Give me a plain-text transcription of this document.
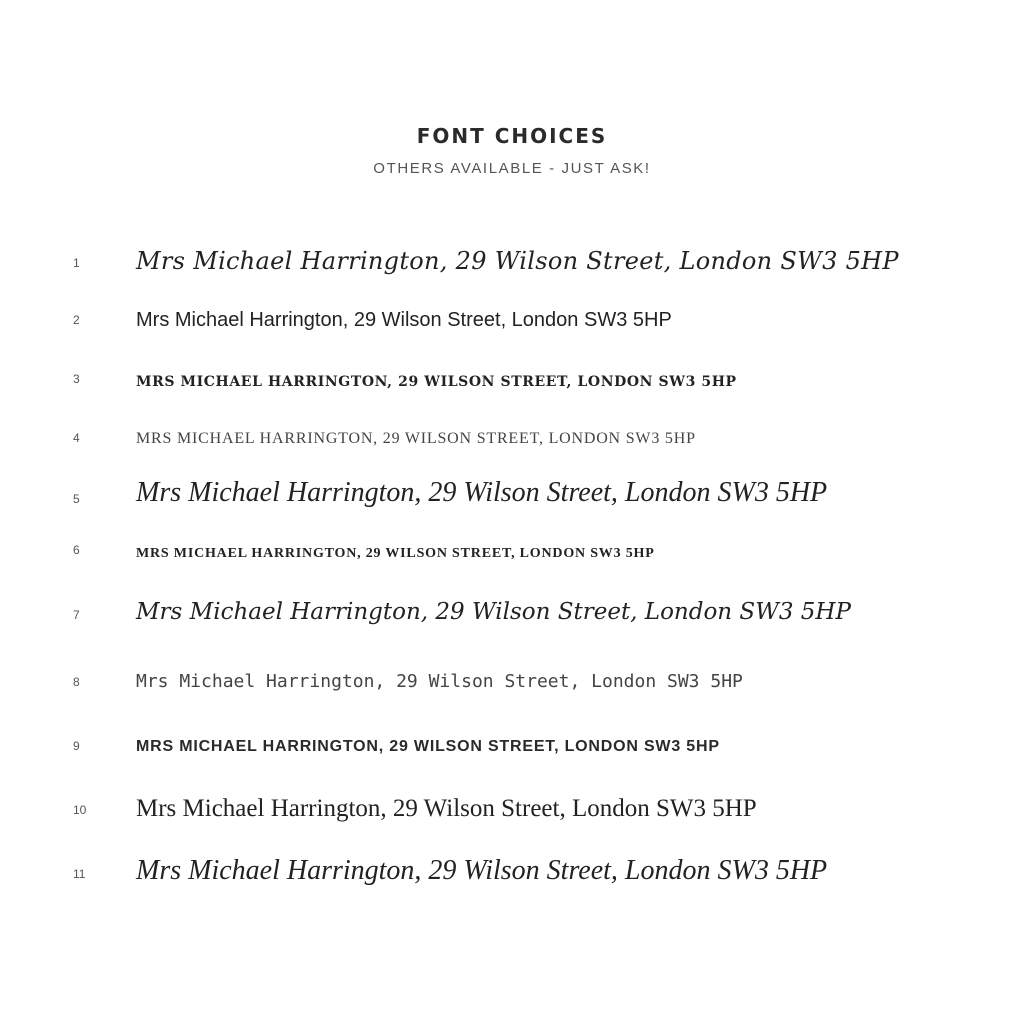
FONT CHOICES
OTHERS AVAILABLE - JUST ASK!
1 Mrs Michael Harrington, 29 Wilson Street, London SW3 5HP
2	Mrs Michael Harrington, 29 Wilson Street, London SW3 5HP
3	MRS MICHAEL HARRINGTON, 29 WILSON STREET, LONDON SW3 5HP
4	MRS MICHAEL HARRINGTON, 29 WILSON STREET, LONDON SW3 5HP
5 Mrs Michael Harrington, 29 Wilson Street, London SW3 5HP
6	MRS MICHAEL HARRINGTON, 29 WILSON STREET, LONDON SW3 5HP
7 Mrs Michael Harrington, 29 Wilson Street, London SW3 5HP
8	Mrs Michael Harrington, 29 Wilson Street, London SW3 5HP
9	MRS MICHAEL HARRINGTON, 29 WILSON STREET, LONDON SW3 5HP
10 Mrs Michael Harrington, 29 Wilson Street, London SW3 5HP
11 Mrs Michael Harrington, 29 Wilson Street, London SW3 5HP
